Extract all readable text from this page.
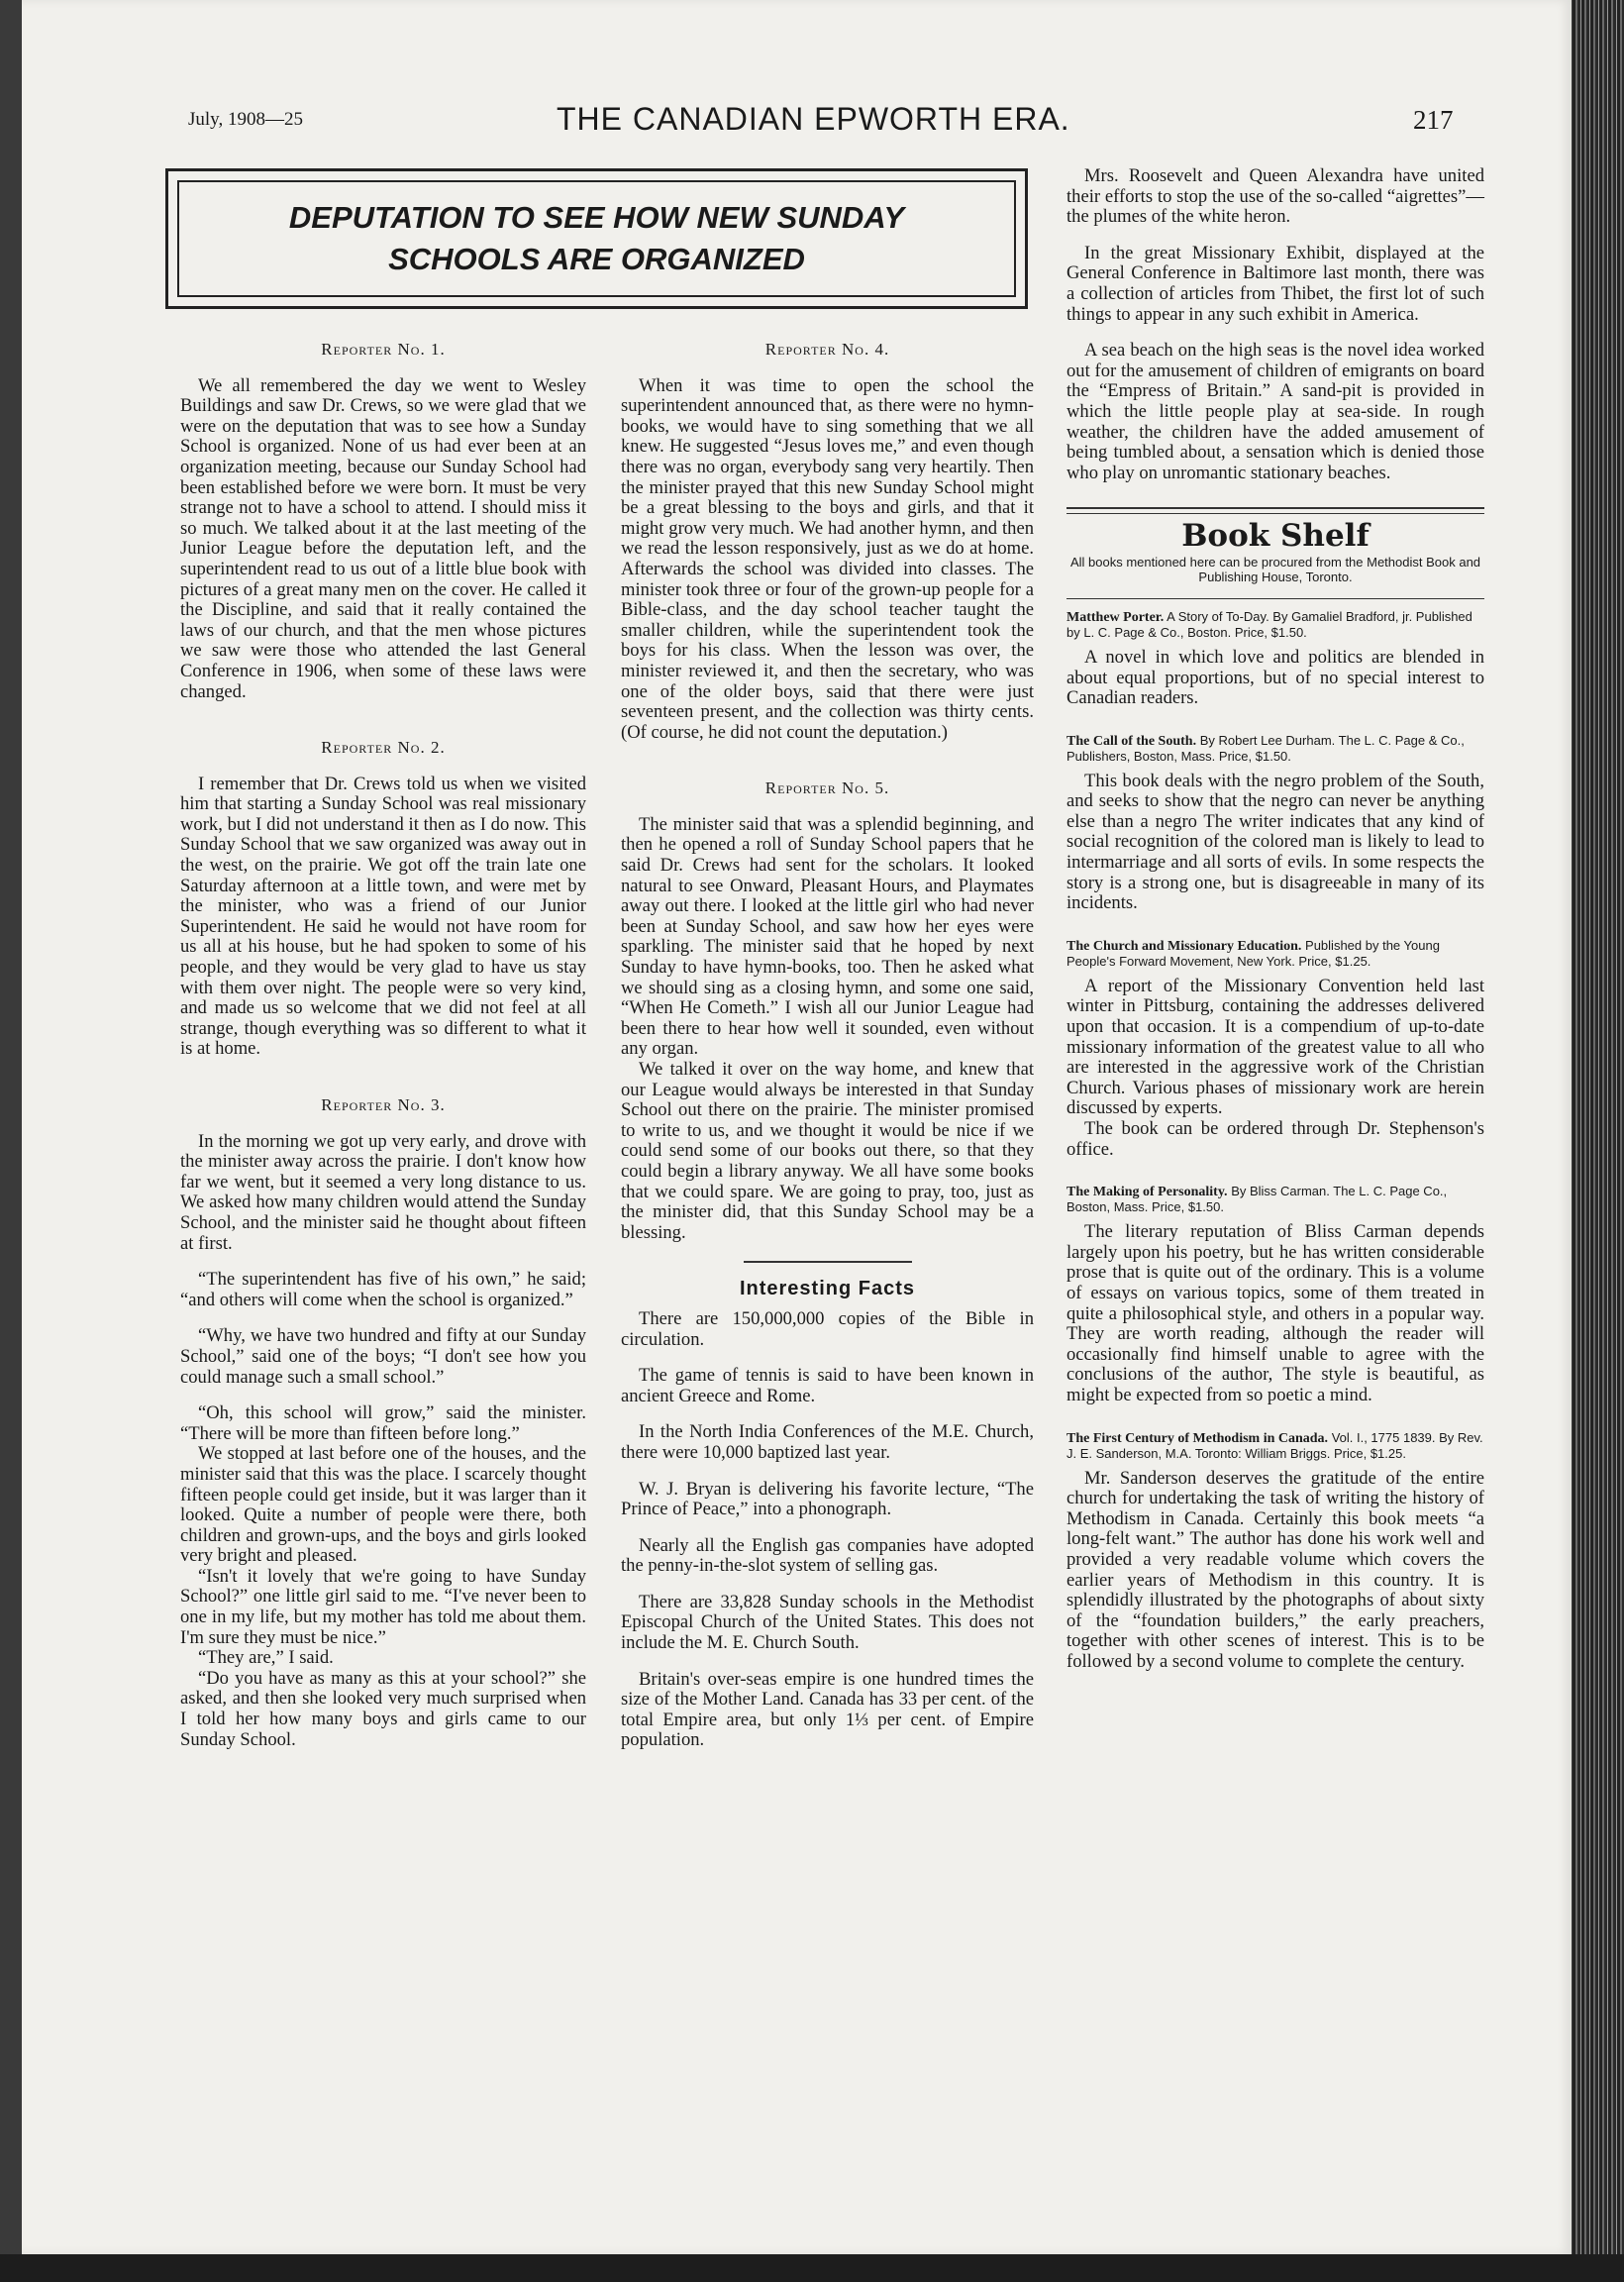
July, 1908—25	THE CANADIAN EPWORTH ERA.	217
DEPUTATION TO SEE HOW NEW SUNDAY
SCHOOLS ARE ORGANIZED
Reporter No. 1.

We all remembered the day we went to Wesley Buildings and saw Dr. Crews, so we were glad that we were on the deputation that was to see how a Sunday School is organized. None of us had ever been at an organization meeting, because our Sunday School had been established before we were born. It must be very strange not to have a school to attend. I should miss it so much. We talked about it at the last meeting of the Junior League before the deputation left, and the superintendent read to us out of a little blue book with pictures of a great many men on the cover. He called it the Discipline, and said that it really contained the laws of our church, and that the men whose pictures we saw were those who attended the last General Conference in 1906, when some of these laws were changed.

Reporter No. 2.

I remember that Dr. Crews told us when we visited him that starting a Sunday School was real missionary work, but I did not understand it then as I do now. This Sunday School that we saw organized was away out in the west, on the prairie. We got off the train late one Saturday afternoon at a little town, and were met by the minister, who was a friend of our Junior Superintendent. He said he would not have room for us all at his house, but he had spoken to some of his people, and they would be very glad to have us stay with them over night. The people were so very kind, and made us so welcome that we did not feel at all strange, though everything was so different to what it is at home.

Reporter No. 3.

In the morning we got up very early, and drove with the minister away across the prairie. I don't know how far we went, but it seemed a very long distance to us. We asked how many children would attend the Sunday School, and the minister said he thought about fifteen at first.

“The superintendent has five of his own,” he said; “and others will come when the school is organized.”

“Why, we have two hundred and fifty at our Sunday School,” said one of the boys; “I don't see how you could manage such a small school.”

“Oh, this school will grow,” said the minister. “There will be more than fifteen before long.”

We stopped at last before one of the houses, and the minister said that this was the place. I scarcely thought fifteen people could get inside, but it was larger than it looked. Quite a number of people were there, both children and grown-ups, and the boys and girls looked very bright and pleased.

“Isn't it lovely that we're going to have Sunday School?” one little girl said to me. “I've never been to one in my life, but my mother has told me about them. I'm sure they must be nice.”

“They are,” I said.

“Do you have as many as this at your school?” she asked, and then she looked very much surprised when I told her how many boys and girls came to our Sunday School.

Reporter No. 4.

When it was time to open the school the superintendent announced that, as there were no hymn-books, we would have to sing something that we all knew. He suggested “Jesus loves me,” and even though there was no organ, everybody sang very heartily. Then the minister prayed that this new Sunday School might be a great blessing to the boys and girls, and that it might grow very much. We had another hymn, and then we read the lesson responsively, just as we do at home. Afterwards the school was divided into classes. The minister took three or four of the grown-up people for a Bible-class, and the day school teacher taught the smaller children, while the superintendent took the boys for his class. When the lesson was over, the minister reviewed it, and then the secretary, who was one of the older boys, said that there were just seventeen present, and the collection was thirty cents. (Of course, he did not count the deputation.)

Reporter No. 5.

The minister said that was a splendid beginning, and then he opened a roll of Sunday School papers that he said Dr. Crews had sent for the scholars. It looked natural to see Onward, Pleasant Hours, and Playmates away out there. I looked at the little girl who had never been at Sunday School, and saw how her eyes were sparkling. The minister said that he hoped by next Sunday to have hymn-books, too. Then he asked what we should sing as a closing hymn, and some one said, “When He Cometh.” I wish all our Junior League had been there to hear how well it sounded, even without any organ.

We talked it over on the way home, and knew that our League would always be interested in that Sunday School out there on the prairie. The minister promised to write to us, and we thought it would be nice if we could send some of our books out there, so that they could begin a library anyway. We all have some books that we could spare. We are going to pray, too, just as the minister did, that this Sunday School may be a blessing.

Interesting Facts

There are 150,000,000 copies of the Bible in circulation.

The game of tennis is said to have been known in ancient Greece and Rome.

In the North India Conferences of the M.E. Church, there were 10,000 baptized last year.

W. J. Bryan is delivering his favorite lecture, “The Prince of Peace,” into a phonograph.

Nearly all the English gas companies have adopted the penny-in-the-slot system of selling gas.

There are 33,828 Sunday schools in the Methodist Episcopal Church of the United States. This does not include the M. E. Church South.

Britain's over-seas empire is one hundred times the size of the Mother Land. Canada has 33 per cent. of the total Empire area, but only 1⅓ per cent. of Empire population.

Mrs. Roosevelt and Queen Alexandra have united their efforts to stop the use of the so-called “aigrettes”—the plumes of the white heron.

In the great Missionary Exhibit, displayed at the General Conference in Baltimore last month, there was a collection of articles from Thibet, the first lot of such things to appear in any such exhibit in America.

A sea beach on the high seas is the novel idea worked out for the amusement of children of emigrants on board the “Empress of Britain.” A sand-pit is provided in which the little people play at sea-side. In rough weather, the children have the added amusement of being tumbled about, a sensation which is denied those who play on unromantic stationary beaches.

Book Shelf
All books mentioned here can be procured from the Methodist Book and Publishing House, Toronto.
Matthew Porter. A Story of To-Day. By Gamaliel Bradford, jr. Published by L. C. Page & Co., Boston. Price, $1.50.

A novel in which love and politics are blended in about equal proportions, but of no special interest to Canadian readers.

The Call of the South. By Robert Lee Durham. The L. C. Page & Co., Publishers, Boston, Mass. Price, $1.50.

This book deals with the negro problem of the South, and seeks to show that the negro can never be anything else than a negro The writer indicates that any kind of social recognition of the colored man is likely to lead to intermarriage and all sorts of evils. In some respects the story is a strong one, but is disagreeable in many of its incidents.

The Church and Missionary Education. Published by the Young People's Forward Movement, New York. Price, $1.25.

A report of the Missionary Convention held last winter in Pittsburg, containing the addresses delivered upon that occasion. It is a compendium of up-to-date missionary information of the greatest value to all who are interested in the aggressive work of the Christian Church. Various phases of missionary work are herein discussed by experts.

The book can be ordered through Dr. Stephenson's office.

The Making of Personality. By Bliss Carman. The L. C. Page Co., Boston, Mass. Price, $1.50.

The literary reputation of Bliss Carman depends largely upon his poetry, but he has written considerable prose that is quite out of the ordinary. This is a volume of essays on various topics, some of them treated in quite a philosophical style, and others in a popular way. They are worth reading, although the reader will occasionally find himself unable to agree with the conclusions of the author, The style is beautiful, as might be expected from so poetic a mind.

The First Century of Methodism in Canada. Vol. I., 1775 1839. By Rev. J. E. Sanderson, M.A. Toronto: William Briggs. Price, $1.25.

Mr. Sanderson deserves the gratitude of the entire church for undertaking the task of writing the history of Methodism in Canada. Certainly this book meets “a long-felt want.” The author has done his work well and provided a very readable volume which covers the earlier years of Methodism in this country. It is splendidly illustrated by the photographs of about sixty of the “foundation builders,” the early preachers, together with other scenes of interest. This is to be followed by a second volume to complete the century.
